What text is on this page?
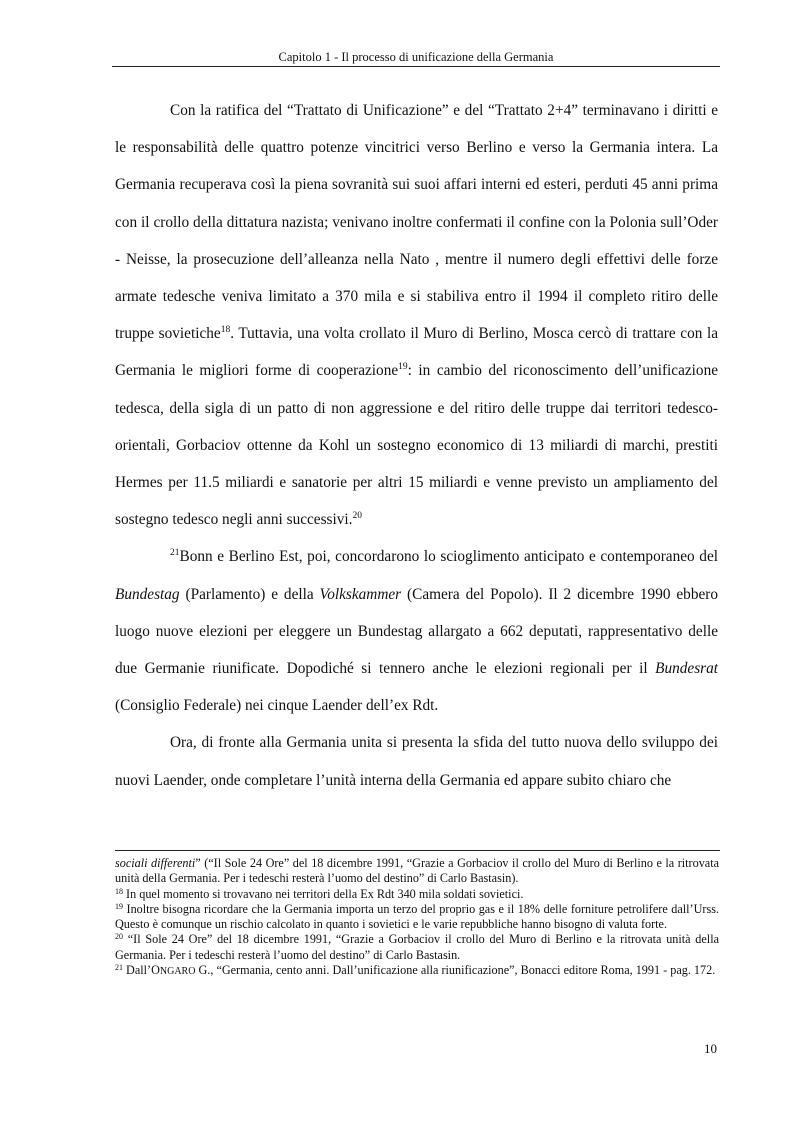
Capitolo 1 - Il processo di unificazione della Germania

Con la ratifica del “Trattato di Unificazione” e del “Trattato 2+4” terminavano i diritti e le responsabilità delle quattro potenze vincitrici verso Berlino e verso la Germania intera. La Germania recuperava così la piena sovranità sui suoi affari interni ed esteri, perduti 45 anni prima con il crollo della dittatura nazista; venivano inoltre confermati il confine con la Polonia sull’Oder - Neisse, la prosecuzione dell’alleanza nella Nato , mentre il numero degli effettivi delle forze armate tedesche veniva limitato a 370 mila e si stabiliva entro il 1994 il completo ritiro delle truppe sovietiche$^{18}$. Tuttavia, una volta crollato il Muro di Berlino, Mosca cercò di trattare con la Germania le migliori forme di cooperazione$^{19}$: in cambio del riconoscimento dell’unificazione tedesca, della sigla di un patto di non aggressione e del ritiro delle truppe dai territori tedesco-orientali, Gorbaciov ottenne da Kohl un sostegno economico di 13 miliardi di marchi, prestiti Hermes per 11.5 miliardi e sanatorie per altri 15 miliardi e venne previsto un ampliamento del sostegno tedesco negli anni successivi.$^{20}$

$^{21}$Bonn e Berlino Est, poi, concordarono lo scioglimento anticipato e contemporaneo del Bundestag (Parlamento) e della Volkskammer (Camera del Popolo). Il 2 dicembre 1990 ebbero luogo nuove elezioni per eleggere un Bundestag allargato a 662 deputati, rappresentativo delle due Germanie riunificate. Dopodiché si tennero anche le elezioni regionali per il Bundesrat (Consiglio Federale) nei cinque Laender dell’ex Rdt.

Ora, di fronte alla Germania unita si presenta la sfida del tutto nuova dello sviluppo dei nuovi Laender, onde completare l’unità interna della Germania ed appare subito chiaro che

sociali differenti” (“Il Sole 24 Ore” del 18 dicembre 1991, “Grazie a Gorbaciov il crollo del Muro di Berlino e la ritrovata unità della Germania. Per i tedeschi resterà l’uomo del destino” di Carlo Bastasin).

$^{18}$ In quel momento si trovavano nei territori della Ex Rdt 340 mila soldati sovietici.

$^{19}$ Inoltre bisogna ricordare che la Germania importa un terzo del proprio gas e il 18% delle forniture petrolifere dall’Urss. Questo è comunque un rischio calcolato in quanto i sovietici e le varie repubbliche hanno bisogno di valuta forte.

$^{20}$ “Il Sole 24 Ore” del 18 dicembre 1991, “Grazie a Gorbaciov il crollo del Muro di Berlino e la ritrovata unità della Germania. Per i tedeschi resterà l’uomo del destino” di Carlo Bastasin.

$^{21}$ Dall’ONGARO G., “Germania, cento anni. Dall’unificazione alla riunificazione”, Bonacci editore Roma, 1991 - pag. 172.

10
